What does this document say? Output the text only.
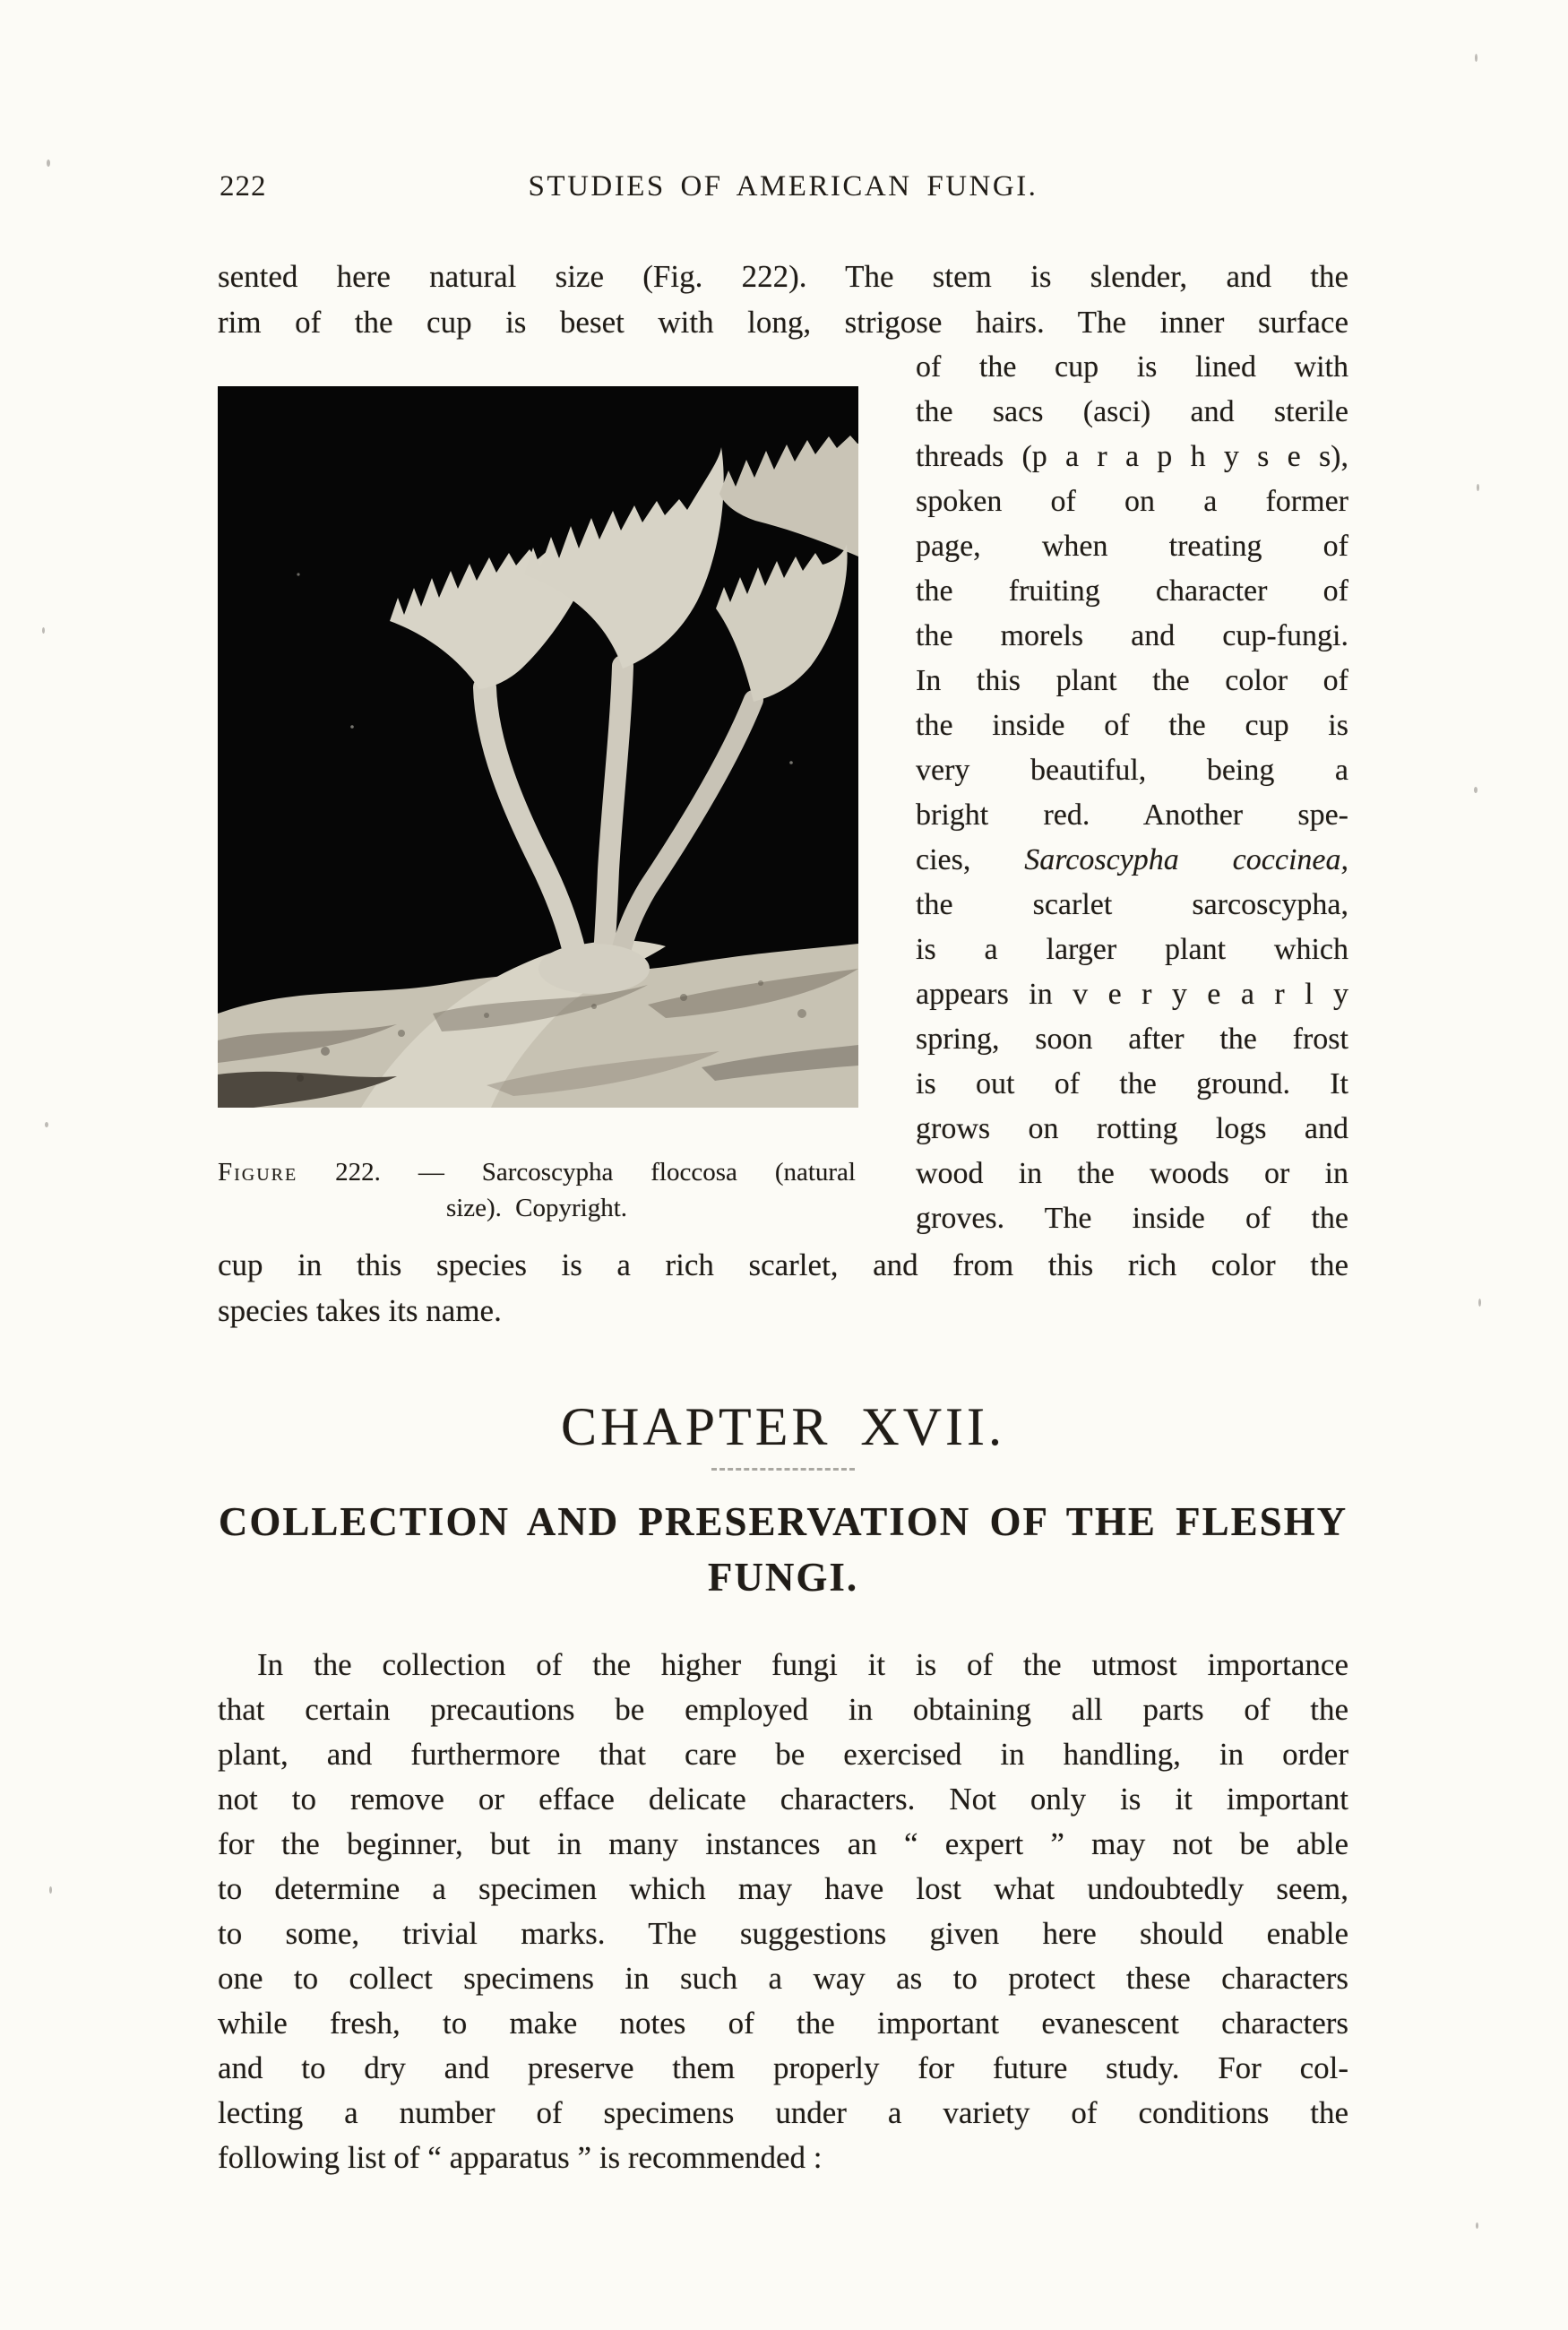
222	STUDIES OF AMERICAN FUNGI.
sented here natural size (Fig. 222). The stem is slender, and the
rim of the cup is beset with long, strigose hairs. The inner surface
Figure 222. — Sarcoscypha floccosa (natural
size). Copyright.
of the cup is lined with
the sacs (asci) and sterile
threads (p a r a p h y s e s),
spoken of on a former
page, when treating of
the fruiting character of
the morels and cup-fungi.
In this plant the color of
the inside of the cup is
very beautiful, being a
bright red. Another spe-
cies, Sarcoscypha coccinea,
the scarlet sarcoscypha,
is a larger plant which
appears in v e r y e a r l y
spring, soon after the frost
is out of the ground. It
grows on rotting logs and
wood in the woods or in
groves. The inside of the
cup in this species is a rich scarlet, and from this rich color the
species takes its name.
CHAPTER XVII.
COLLECTION AND PRESERVATION OF THE FLESHY
FUNGI.
In the collection of the higher fungi it is of the utmost importance
that certain precautions be employed in obtaining all parts of the
plant, and furthermore that care be exercised in handling, in order
not to remove or efface delicate characters. Not only is it important
for the beginner, but in many instances an “ expert ” may not be able
to determine a specimen which may have lost what undoubtedly seem,
to some, trivial marks. The suggestions given here should enable
one to collect specimens in such a way as to protect these characters
while fresh, to make notes of the important evanescent characters
and to dry and preserve them properly for future study. For col-
lecting a number of specimens under a variety of conditions the
following list of “ apparatus ” is recommended :
